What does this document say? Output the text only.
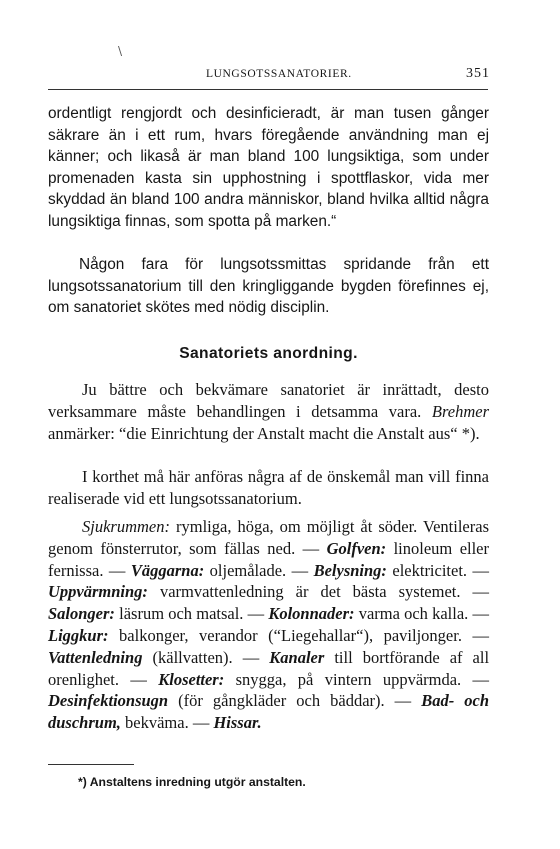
\
LUNGSOTSSANATORIER.	351

ordentligt rengjordt och desinficieradt, är man tusen gånger säkrare än i ett rum, hvars föregående användning man ej känner; och likaså är man bland 100 lungsiktiga, som under promenaden kasta sin upphostning i spottflaskor, vida mer skyddad än bland 100 andra människor, bland hvilka alltid några lungsiktiga finnas, som spotta på marken.“

Någon fara för lungsotssmittas spridande från ett lungsotssanatorium till den kringliggande bygden förefinnes ej, om sanatoriet skötes med nödig disciplin.

Sanatoriets anordning.

Ju bättre och bekvämare sanatoriet är inrättadt, desto verksammare måste behandlingen i detsamma vara. Brehmer anmärker: “die Einrichtung der Anstalt macht die Anstalt aus“ *).

I korthet må här anföras några af de önskemål man vill finna realiserade vid ett lungsotssanatorium.

Sjukrummen: rymliga, höga, om möjligt åt söder. Ventileras genom fönsterrutor, som fällas ned. — Golfven: linoleum eller fernissa. — Väggarna: oljemålade. — Belysning: elektricitet. — Uppvärmning: varmvattenledning är det bästa systemet. — Salonger: läsrum och matsal. — Kolonnader: varma och kalla. — Liggkur: balkonger, verandor (“Liegehallar“), paviljonger. — Vattenledning (källvatten). — Kanaler till bortförande af all orenlighet. — Klosetter: snygga, på vintern uppvärmda. — Desinfektionsugn (för gångkläder och bäddar). — Bad- och duschrum, bekväma. — Hissar.

*) Anstaltens inredning utgör anstalten.
